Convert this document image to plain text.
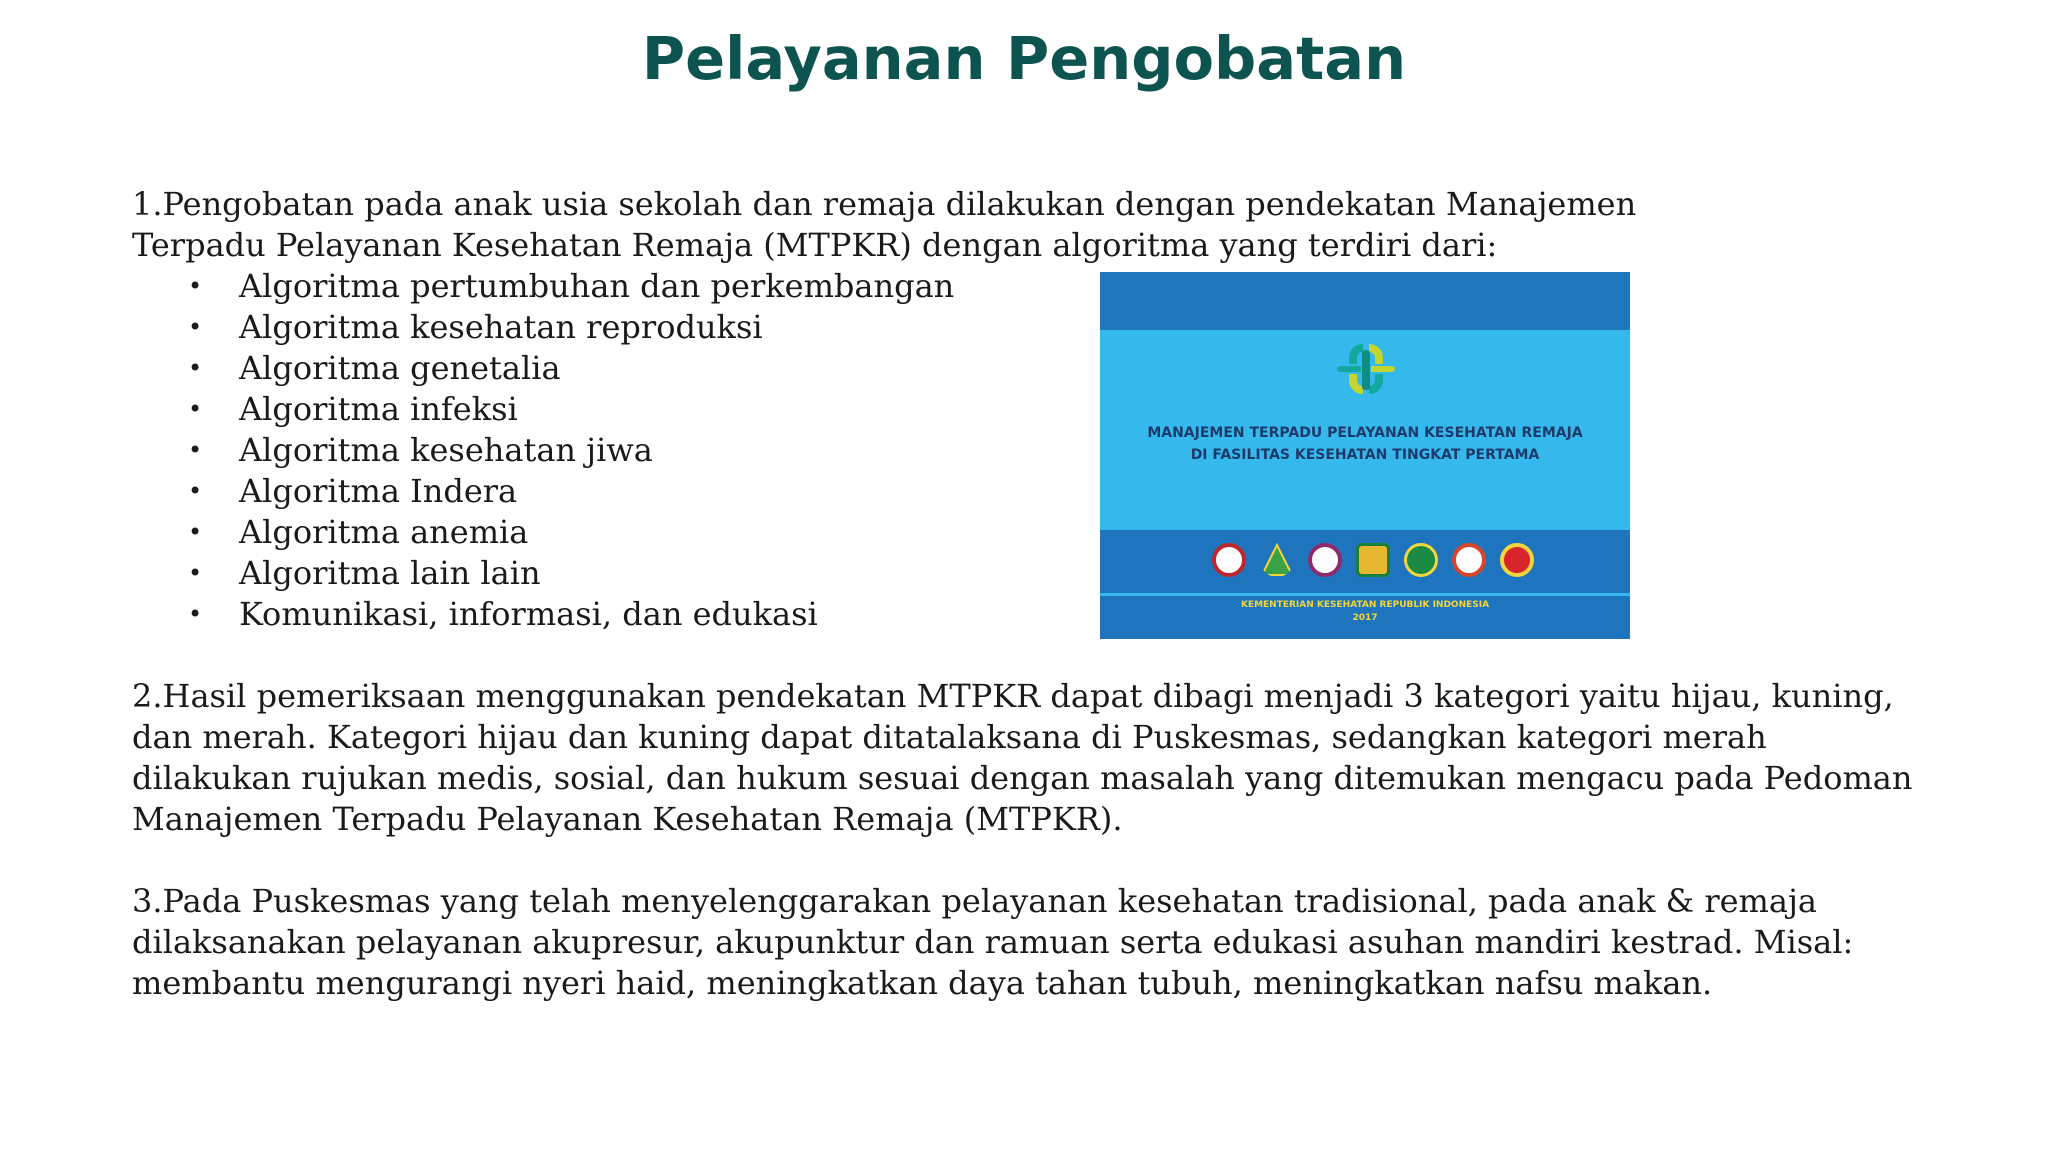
Pelayanan Pengobatan

1.Pengobatan pada anak usia sekolah dan remaja dilakukan dengan pendekatan Manajemen Terpadu Pelayanan Kesehatan Remaja (MTPKR) dengan algoritma yang terdiri dari:

• Algoritma pertumbuhan dan perkembangan
• Algoritma kesehatan reproduksi
• Algoritma genetalia
• Algoritma infeksi
• Algoritma kesehatan jiwa
• Algoritma Indera
• Algoritma anemia
• Algoritma lain lain
• Komunikasi, informasi, dan edukasi

2.Hasil pemeriksaan menggunakan pendekatan MTPKR dapat dibagi menjadi 3 kategori yaitu hijau, kuning, dan merah. Kategori hijau dan kuning dapat ditatalaksana di Puskesmas, sedangkan kategori merah dilakukan rujukan medis, sosial, dan hukum sesuai dengan masalah yang ditemukan mengacu pada Pedoman Manajemen Terpadu Pelayanan Kesehatan Remaja (MTPKR).

3.Pada Puskesmas yang telah menyelenggarakan pelayanan kesehatan tradisional, pada anak & remaja dilaksanakan pelayanan akupresur, akupunktur dan ramuan serta edukasi asuhan mandiri kestrad. Misal: membantu mengurangi nyeri haid, meningkatkan daya tahan tubuh, meningkatkan nafsu makan.

MANAJEMEN TERPADU PELAYANAN KESEHATAN REMAJA
DI FASILITAS KESEHATAN TINGKAT PERTAMA
KEMENTERIAN KESEHATAN REPUBLIK INDONESIA
2017
